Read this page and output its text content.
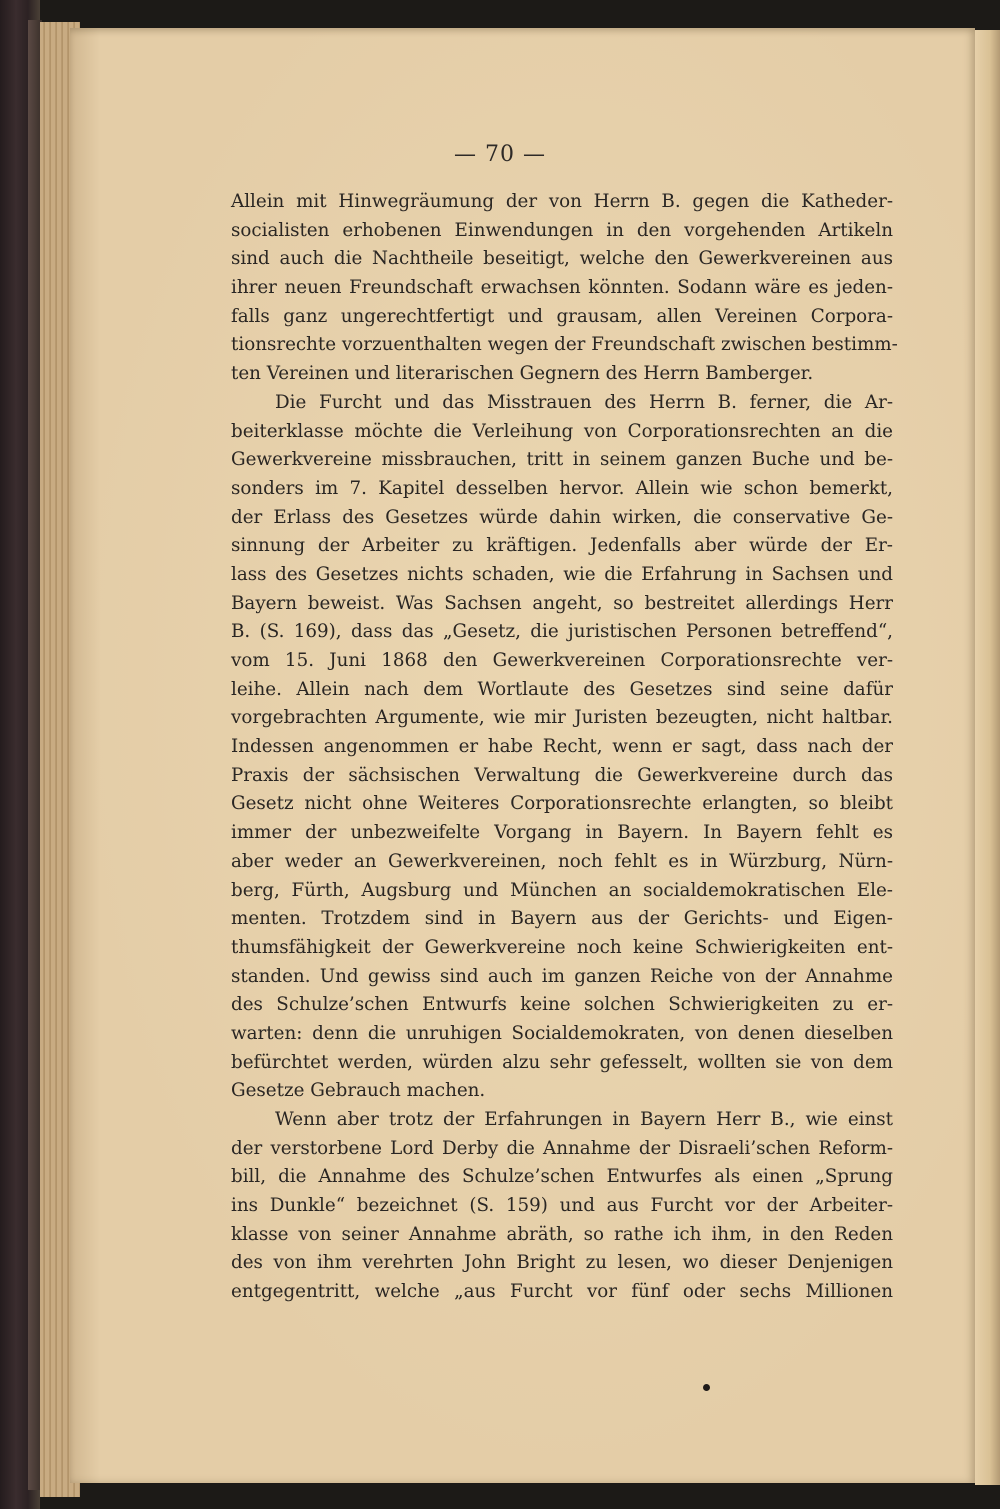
— 70 —
Allein mit Hinwegräumung der von Herrn B. gegen die Katheder-
socialisten erhobenen Einwendungen in den vorgehenden Artikeln
sind auch die Nachtheile beseitigt, welche den Gewerkvereinen aus
ihrer neuen Freundschaft erwachsen könnten. Sodann wäre es jeden-
falls ganz ungerechtfertigt und grausam, allen Vereinen Corpora-
tionsrechte vorzuenthalten wegen der Freundschaft zwischen bestimm-
ten Vereinen und literarischen Gegnern des Herrn Bamberger.
Die Furcht und das Misstrauen des Herrn B. ferner, die Ar-
beiterklasse möchte die Verleihung von Corporationsrechten an die
Gewerkvereine missbrauchen, tritt in seinem ganzen Buche und be-
sonders im 7. Kapitel desselben hervor. Allein wie schon bemerkt,
der Erlass des Gesetzes würde dahin wirken, die conservative Ge-
sinnung der Arbeiter zu kräftigen. Jedenfalls aber würde der Er-
lass des Gesetzes nichts schaden, wie die Erfahrung in Sachsen und
Bayern beweist. Was Sachsen angeht, so bestreitet allerdings Herr
B. (S. 169), dass das „Gesetz, die juristischen Personen betreffend“,
vom 15. Juni 1868 den Gewerkvereinen Corporationsrechte ver-
leihe. Allein nach dem Wortlaute des Gesetzes sind seine dafür
vorgebrachten Argumente, wie mir Juristen bezeugten, nicht haltbar.
Indessen angenommen er habe Recht, wenn er sagt, dass nach der
Praxis der sächsischen Verwaltung die Gewerkvereine durch das
Gesetz nicht ohne Weiteres Corporationsrechte erlangten, so bleibt
immer der unbezweifelte Vorgang in Bayern. In Bayern fehlt es
aber weder an Gewerkvereinen, noch fehlt es in Würzburg, Nürn-
berg, Fürth, Augsburg und München an socialdemokratischen Ele-
menten. Trotzdem sind in Bayern aus der Gerichts- und Eigen-
thumsfähigkeit der Gewerkvereine noch keine Schwierigkeiten ent-
standen. Und gewiss sind auch im ganzen Reiche von der Annahme
des Schulze’schen Entwurfs keine solchen Schwierigkeiten zu er-
warten: denn die unruhigen Socialdemokraten, von denen dieselben
befürchtet werden, würden alzu sehr gefesselt, wollten sie von dem
Gesetze Gebrauch machen.
Wenn aber trotz der Erfahrungen in Bayern Herr B., wie einst
der verstorbene Lord Derby die Annahme der Disraeli’schen Reform-
bill, die Annahme des Schulze’schen Entwurfes als einen „Sprung
ins Dunkle“ bezeichnet (S. 159) und aus Furcht vor der Arbeiter-
klasse von seiner Annahme abräth, so rathe ich ihm, in den Reden
des von ihm verehrten John Bright zu lesen, wo dieser Denjenigen
entgegentritt, welche „aus Furcht vor fünf oder sechs Millionen
